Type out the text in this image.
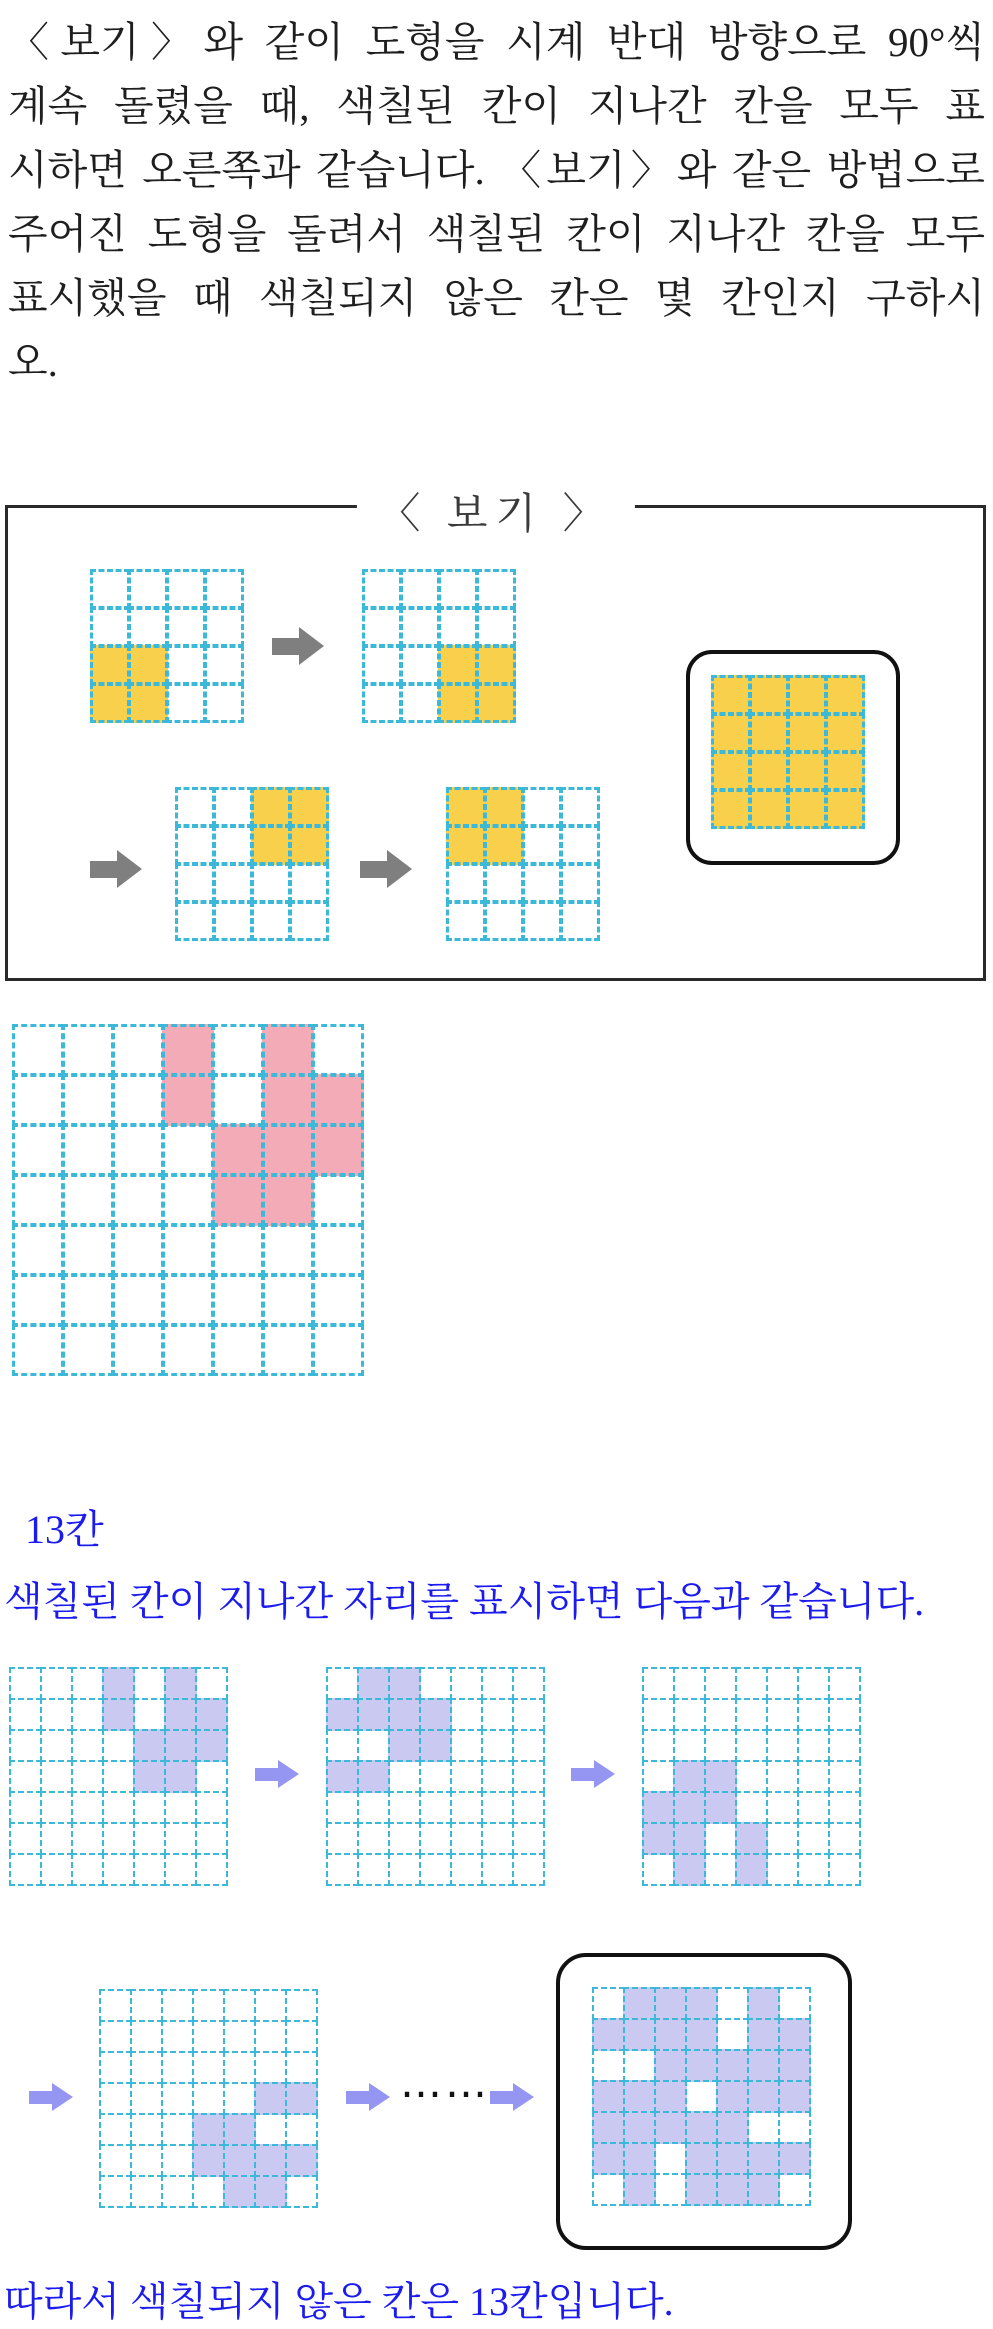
〈보기〉와 같이 도형을 시계 반대 방향으로 90°씩
계속 돌렸을 때, 색칠된 칸이 지나간 칸을 모두 표
시하면 오른쪽과 같습니다. 〈보기〉와 같은 방법으로
주어진 도형을 돌려서 색칠된 칸이 지나간 칸을 모두
표시했을 때 색칠되지 않은 칸은 몇 칸인지 구하시
오.
〈 보기 〉
13칸
색칠된 칸이 지나간 자리를 표시하면 다음과 같습니다.
……
따라서 색칠되지 않은 칸은 13칸입니다.
